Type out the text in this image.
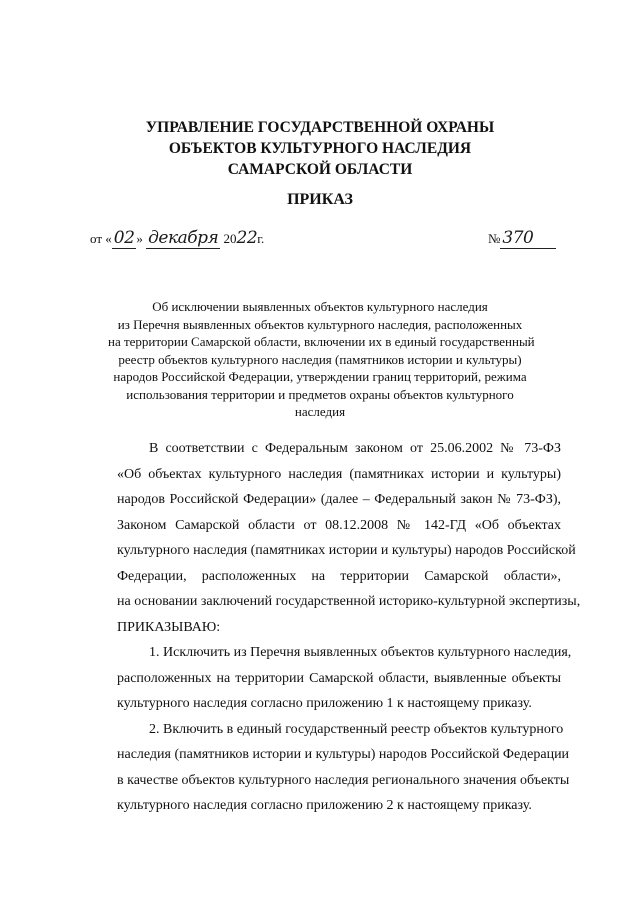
УПРАВЛЕНИЕ ГОСУДАРСТВЕННОЙ ОХРАНЫ
ОБЪЕКТОВ КУЛЬТУРНОГО НАСЛЕДИЯ
САМАРСКОЙ ОБЛАСТИ
ПРИКАЗ
от « 02 » декабря 2022г.	№ 370
Об исключении выявленных объектов культурного наследия
из Перечня выявленных объектов культурного наследия, расположенных
на территории Самарской области, включении их в единый государственный
реестр объектов культурного наследия (памятников истории и культуры)
народов Российской Федерации, утверждении границ территорий, режима
использования территории и предметов охраны объектов культурного
наследия
В соответствии с Федеральным законом от 25.06.2002 № 73-ФЗ
«Об объектах культурного наследия (памятниках истории и культуры)
народов Российской Федерации» (далее – Федеральный закон № 73-ФЗ),
Законом Самарской области от 08.12.2008 № 142-ГД «Об объектах
культурного наследия (памятниках истории и культуры) народов Российской
Федерации, расположенных на территории Самарской области»,
на основании заключений государственной историко-культурной экспертизы,
ПРИКАЗЫВАЮ:
1. Исключить из Перечня выявленных объектов культурного наследия,
расположенных на территории Самарской области, выявленные объекты
культурного наследия согласно приложению 1 к настоящему приказу.
2. Включить в единый государственный реестр объектов культурного
наследия (памятников истории и культуры) народов Российской Федерации
в качестве объектов культурного наследия регионального значения объекты
культурного наследия согласно приложению 2 к настоящему приказу.
